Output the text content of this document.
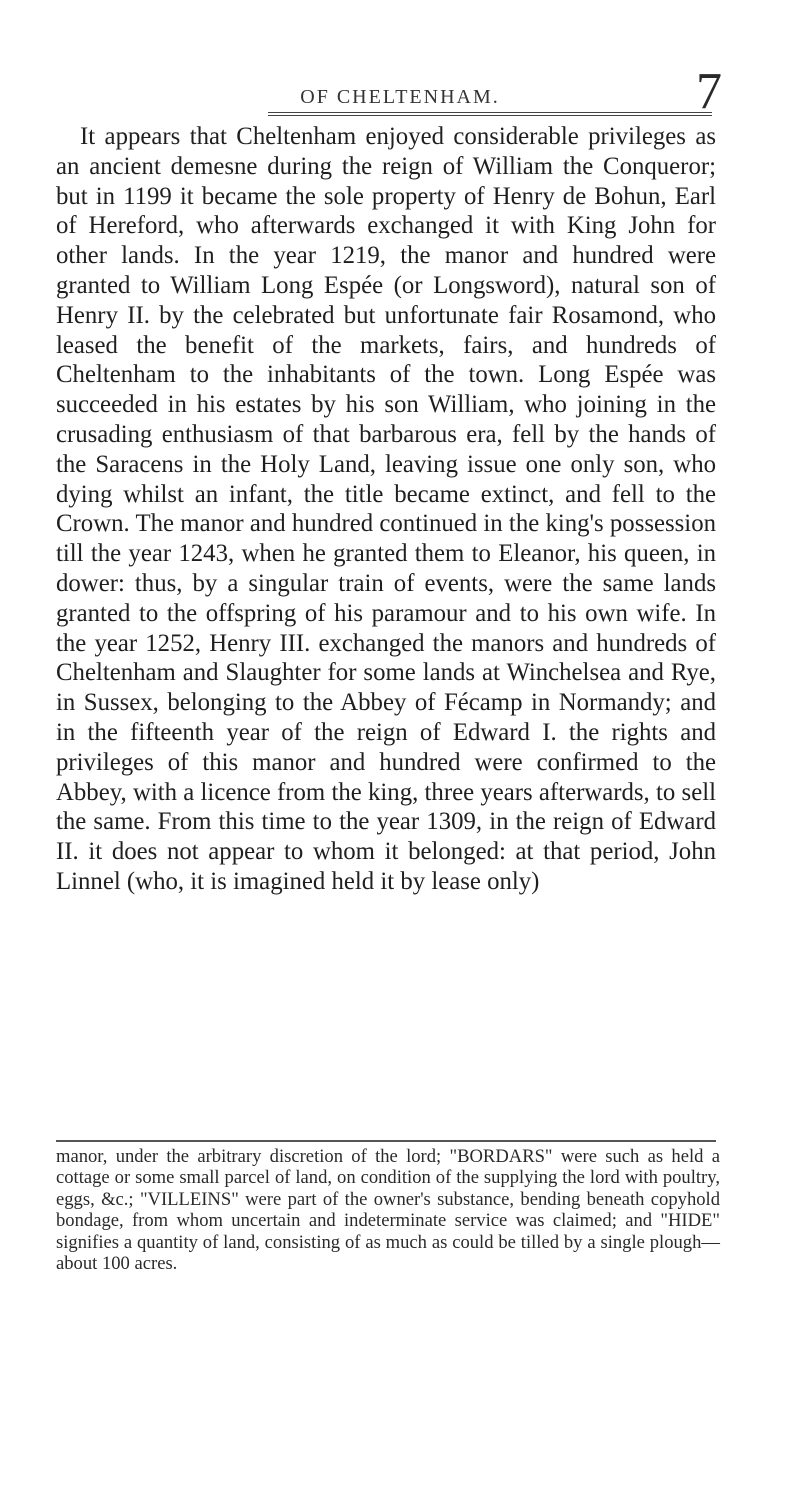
OF CHELTENHAM.	7

It appears that Cheltenham enjoyed considerable privileges as an ancient demesne during the reign of William the Conqueror; but in 1199 it became the sole property of Henry de Bohun, Earl of Hereford, who afterwards exchanged it with King John for other lands. In the year 1219, the manor and hundred were granted to William Long Espée (or Longsword), natural son of Henry II. by the celebrated but unfortunate fair Rosamond, who leased the benefit of the markets, fairs, and hundreds of Cheltenham to the inhabitants of the town. Long Espée was succeeded in his estates by his son William, who joining in the crusading enthusiasm of that barbarous era, fell by the hands of the Saracens in the Holy Land, leaving issue one only son, who dying whilst an infant, the title became extinct, and fell to the Crown. The manor and hundred continued in the king's possession till the year 1243, when he granted them to Eleanor, his queen, in dower: thus, by a singular train of events, were the same lands granted to the offspring of his paramour and to his own wife. In the year 1252, Henry III. exchanged the manors and hundreds of Cheltenham and Slaughter for some lands at Winchelsea and Rye, in Sussex, belonging to the Abbey of Fécamp in Normandy; and in the fifteenth year of the reign of Edward I. the rights and privileges of this manor and hundred were confirmed to the Abbey, with a licence from the king, three years afterwards, to sell the same. From this time to the year 1309, in the reign of Edward II. it does not appear to whom it belonged: at that period, John Linnel (who, it is imagined held it by lease only)

manor, under the arbitrary discretion of the lord; "BORDARS" were such as held a cottage or some small parcel of land, on condition of the supplying the lord with poultry, eggs, &c.; "VILLEINS" were part of the owner's substance, bending beneath copyhold bondage, from whom uncertain and indeterminate service was claimed; and "HIDE" signifies a quantity of land, consisting of as much as could be tilled by a single plough—about 100 acres.
